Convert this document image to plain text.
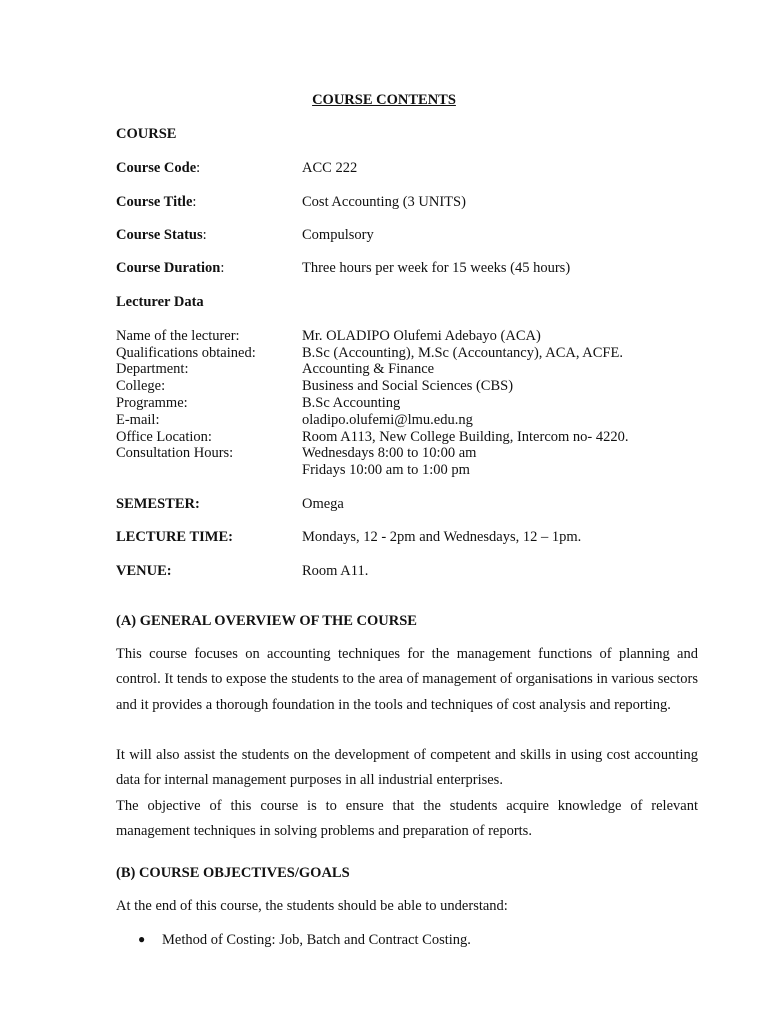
COURSE CONTENTS
COURSE
Course Code:	ACC 222
Course Title:	Cost Accounting (3 UNITS)
Course Status:	Compulsory
Course Duration:	Three hours per week for 15 weeks (45 hours)
Lecturer Data
Name of the lecturer:	Mr. OLADIPO Olufemi Adebayo (ACA)
Qualifications obtained:	B.Sc (Accounting), M.Sc (Accountancy), ACA, ACFE.
Department:	Accounting & Finance
College:	Business and Social Sciences (CBS)
Programme:	B.Sc Accounting
E-mail:	oladipo.olufemi@lmu.edu.ng
Office Location:	Room A113, New College Building, Intercom no- 4220.
Consultation Hours:	Wednesdays 8:00 to 10:00 am
Fridays 10:00 am to 1:00 pm
SEMESTER:	Omega
LECTURE TIME:	Mondays, 12 - 2pm and Wednesdays, 12 – 1pm.
VENUE:	Room A11.
(A) GENERAL OVERVIEW OF THE COURSE
This course focuses on accounting techniques for the management functions of planning and control. It tends to expose the students to the area of management of organisations in various sectors and it provides a thorough foundation in the tools and techniques of cost analysis and reporting.
It will also assist the students on the development of competent and skills in using cost accounting data for internal management purposes in all industrial enterprises.
The objective of this course is to ensure that the students acquire knowledge of relevant management techniques in solving problems and preparation of reports.
(B) COURSE OBJECTIVES/GOALS
At the end of this course, the students should be able to understand:
● Method of Costing: Job, Batch and Contract Costing.
